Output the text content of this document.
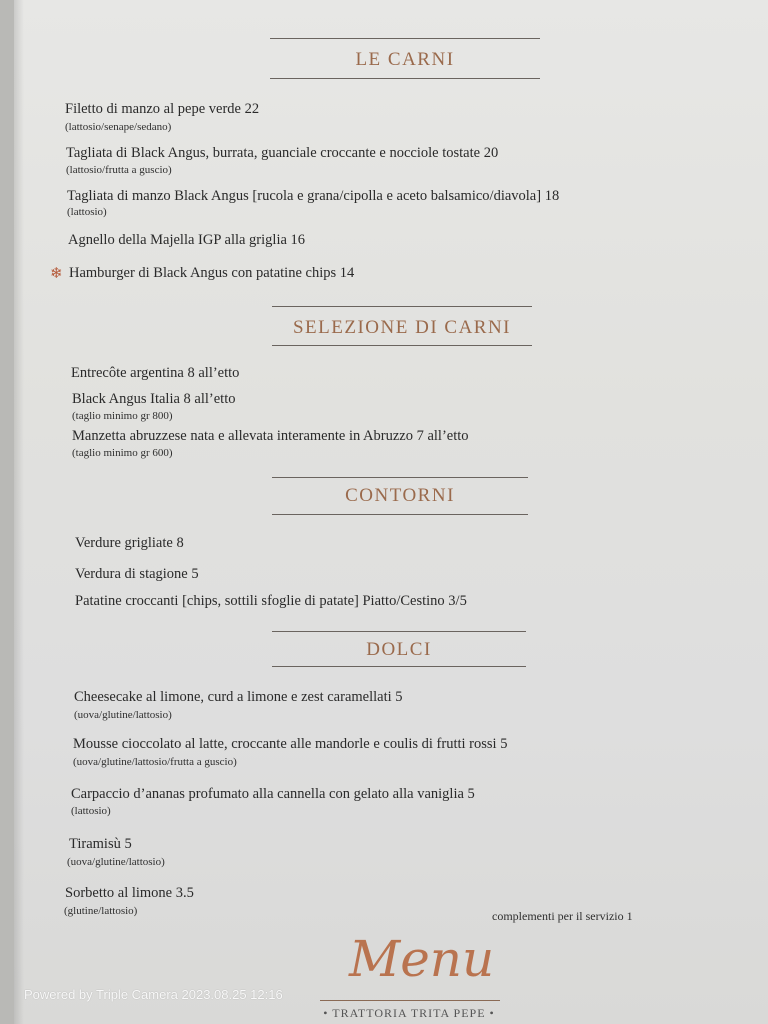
LE CARNI
Filetto di manzo al pepe verde 22
(lattosio/senape/sedano)
Tagliata di Black Angus, burrata, guanciale croccante e nocciole tostate 20
(lattosio/frutta a guscio)
Tagliata di manzo Black Angus [rucola e grana/cipolla e aceto balsamico/diavola] 18
(lattosio)
Agnello della Majella IGP alla griglia 16
❄ Hamburger di Black Angus con patatine chips 14
SELEZIONE DI CARNI
Entrecôte argentina 8 all’etto
Black Angus Italia 8 all’etto
(taglio minimo gr 800)
Manzetta abruzzese nata e allevata interamente in Abruzzo 7 all’etto
(taglio minimo gr 600)
CONTORNI
Verdure grigliate 8
Verdura di stagione 5
Patatine croccanti [chips, sottili sfoglie di patate] Piatto/Cestino 3/5
DOLCI
Cheesecake al limone, curd a limone e zest caramellati 5
(uova/glutine/lattosio)
Mousse cioccolato al latte, croccante alle mandorle e coulis di frutti rossi 5
(uova/glutine/lattosio/frutta a guscio)
Carpaccio d’ananas profumato alla cannella con gelato alla vaniglia 5
(lattosio)
Tiramisù 5
(uova/glutine/lattosio)
Sorbetto al limone 3.5
(glutine/lattosio)	complementi per il servizio 1
Menu
• TRATTORIA TRITA PEPE •
Powered by Triple Camera 2023.08.25 12:16
